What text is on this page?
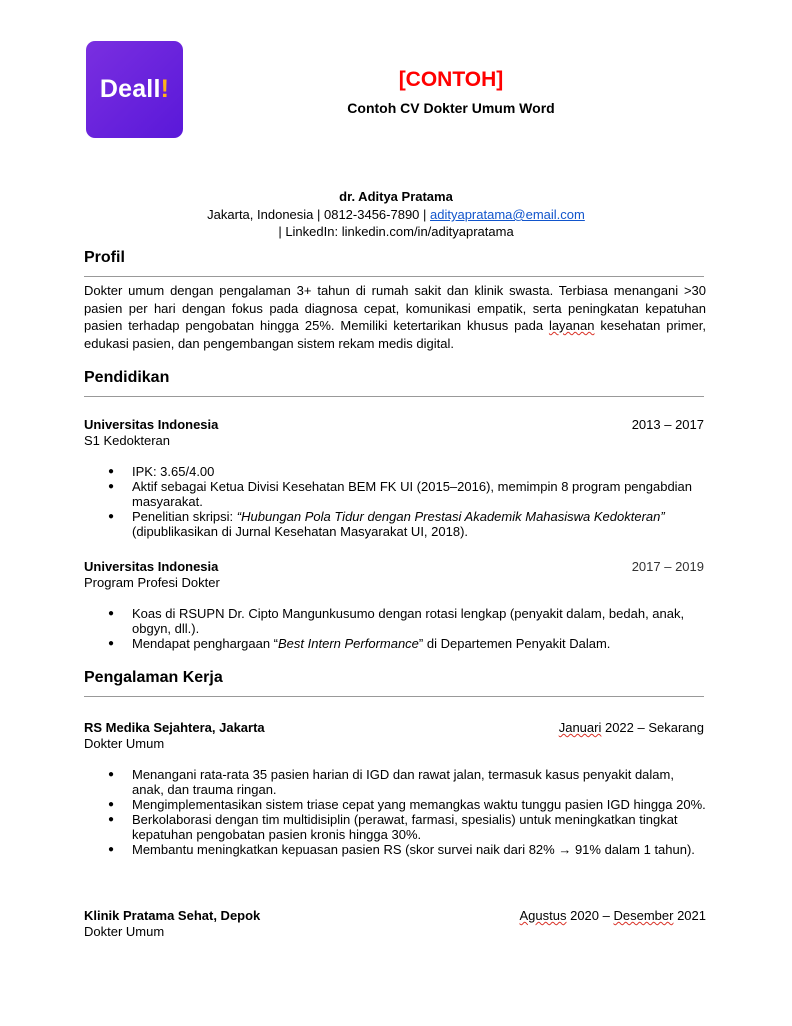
Deall!	[CONTOH]
Contoh CV Dokter Umum Word
dr. Aditya Pratama
Jakarta, Indonesia | 0812-3456-7890 | adityapratama@email.com
| LinkedIn: linkedin.com/in/adityapratama
Profil
Dokter umum dengan pengalaman 3+ tahun di rumah sakit dan klinik swasta. Terbiasa menangani >30 pasien per hari dengan fokus pada diagnosa cepat, komunikasi empatik, serta peningkatan kepatuhan pasien terhadap pengobatan hingga 25%. Memiliki ketertarikan khusus pada layanan kesehatan primer, edukasi pasien, dan pengembangan sistem rekam medis digital.
Pendidikan
Universitas Indonesia	2013 – 2017
S1 Kedokteran
● IPK: 3.65/4.00
● Aktif sebagai Ketua Divisi Kesehatan BEM FK UI (2015–2016), memimpin 8 program pengabdian masyarakat.
● Penelitian skripsi: “Hubungan Pola Tidur dengan Prestasi Akademik Mahasiswa Kedokteran” (dipublikasikan di Jurnal Kesehatan Masyarakat UI, 2018).
Universitas Indonesia	2017 – 2019
Program Profesi Dokter
● Koas di RSUPN Dr. Cipto Mangunkusumo dengan rotasi lengkap (penyakit dalam, bedah, anak, obgyn, dll.).
● Mendapat penghargaan “Best Intern Performance” di Departemen Penyakit Dalam.
Pengalaman Kerja
RS Medika Sejahtera, Jakarta	Januari 2022 – Sekarang
Dokter Umum
● Menangani rata-rata 35 pasien harian di IGD dan rawat jalan, termasuk kasus penyakit dalam, anak, dan trauma ringan.
● Mengimplementasikan sistem triase cepat yang memangkas waktu tunggu pasien IGD hingga 20%.
● Berkolaborasi dengan tim multidisiplin (perawat, farmasi, spesialis) untuk meningkatkan tingkat kepatuhan pengobatan pasien kronis hingga 30%.
● Membantu meningkatkan kepuasan pasien RS (skor survei naik dari 82% → 91% dalam 1 tahun).
Klinik Pratama Sehat, Depok	Agustus 2020 – Desember 2021
Dokter Umum
